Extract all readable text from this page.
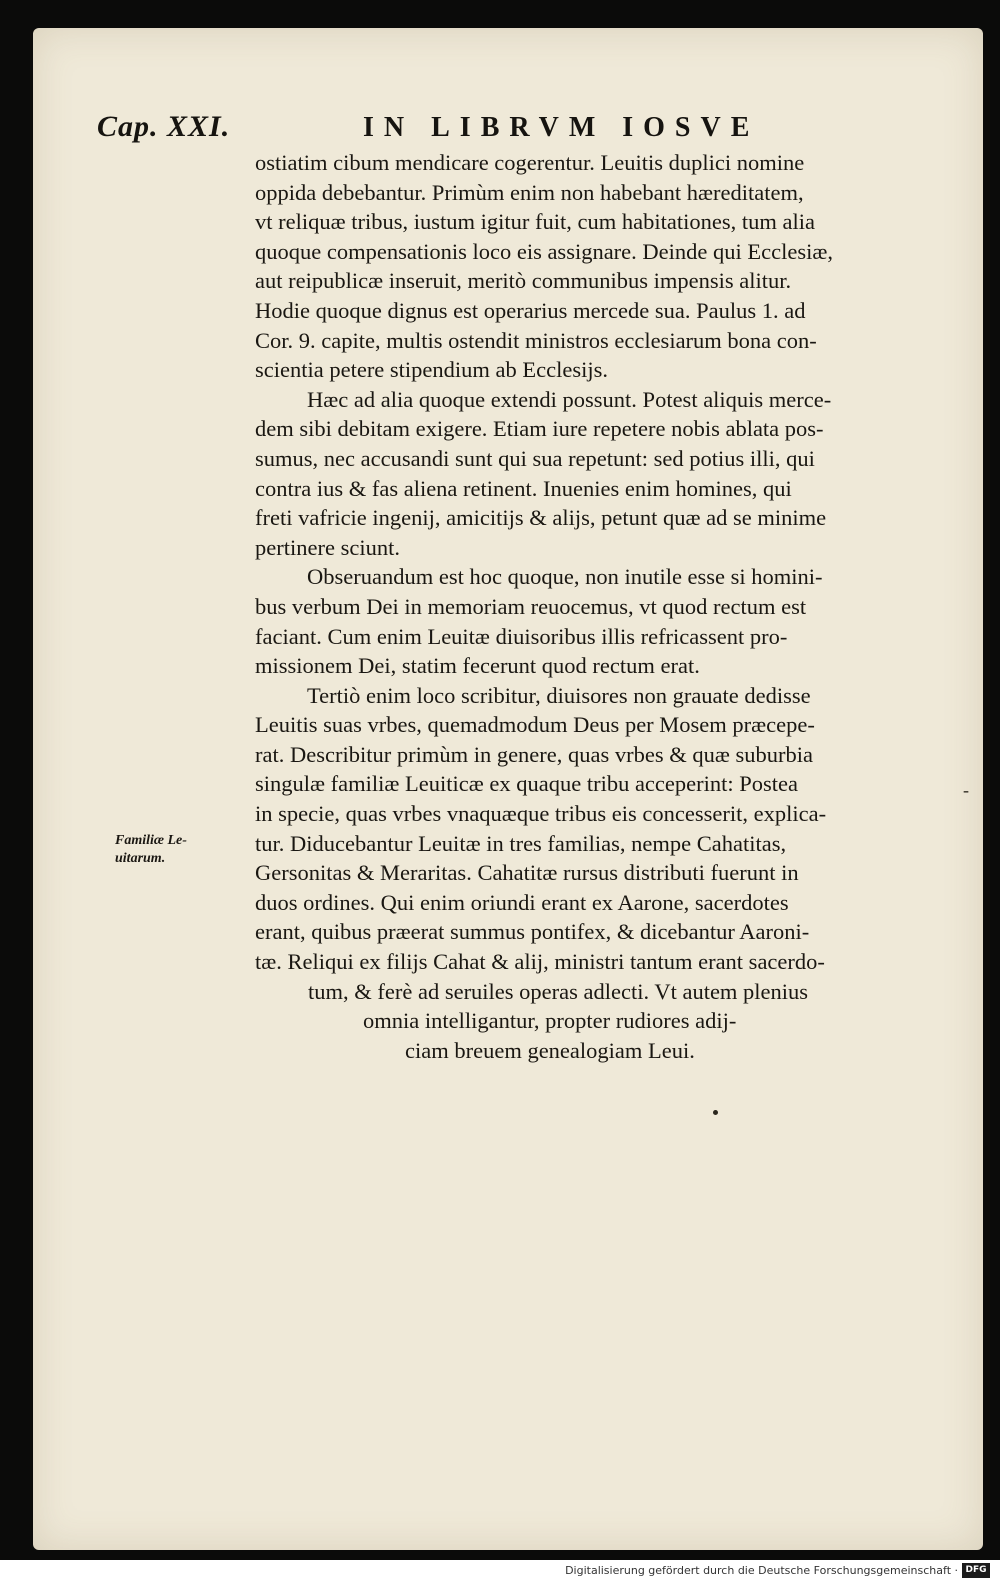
Cap. XXI.	IN LIBRVM IOSVE
Familiæ Le-
uitarum.
ostiatim cibum mendicare cogerentur. Leuitis duplici nomine
oppida debebantur. Primùm enim non habebant hæreditatem,
vt reliquæ tribus, iustum igitur fuit, cum habitationes, tum alia
quoque compensationis loco eis assignare. Deinde qui Ecclesiæ,
aut reipublicæ inseruit, meritò communibus impensis alitur.
Hodie quoque dignus est operarius mercede sua. Paulus 1. ad
Cor. 9. capite, multis ostendit ministros ecclesiarum bona con-
scientia petere stipendium ab Ecclesijs.
Hæc ad alia quoque extendi possunt. Potest aliquis merce-
dem sibi debitam exigere. Etiam iure repetere nobis ablata pos-
sumus, nec accusandi sunt qui sua repetunt: sed potius illi, qui
contra ius & fas aliena retinent. Inuenies enim homines, qui
freti vafricie ingenij, amicitijs & alijs, petunt quæ ad se minime
pertinere sciunt.
Obseruandum est hoc quoque, non inutile esse si homini-
bus verbum Dei in memoriam reuocemus, vt quod rectum est
faciant. Cum enim Leuitæ diuisoribus illis refricassent pro-
missionem Dei, statim fecerunt quod rectum erat.
Tertiò enim loco scribitur, diuisores non grauate dedisse
Leuitis suas vrbes, quemadmodum Deus per Mosem præcepe-
rat. Describitur primùm in genere, quas vrbes & quæ suburbia
singulæ familiæ Leuiticæ ex quaque tribu acceperint: Postea
in specie, quas vrbes vnaquæque tribus eis concesserit, explica-
tur. Diducebantur Leuitæ in tres familias, nempe Cahatitas,
Gersonitas & Meraritas. Cahatitæ rursus distributi fuerunt in
duos ordines. Qui enim oriundi erant ex Aarone, sacerdotes
erant, quibus præerat summus pontifex, & dicebantur Aaroni-
tæ. Reliqui ex filijs Cahat & alij, ministri tantum erant sacerdo-
tum, & ferè ad seruiles operas adlecti. Vt autem plenius
omnia intelligantur, propter rudiores adij-
ciam breuem genealogiam Leui.
-
Digitalisierung gefördert durch die Deutsche Forschungsgemeinschaft · DFG
